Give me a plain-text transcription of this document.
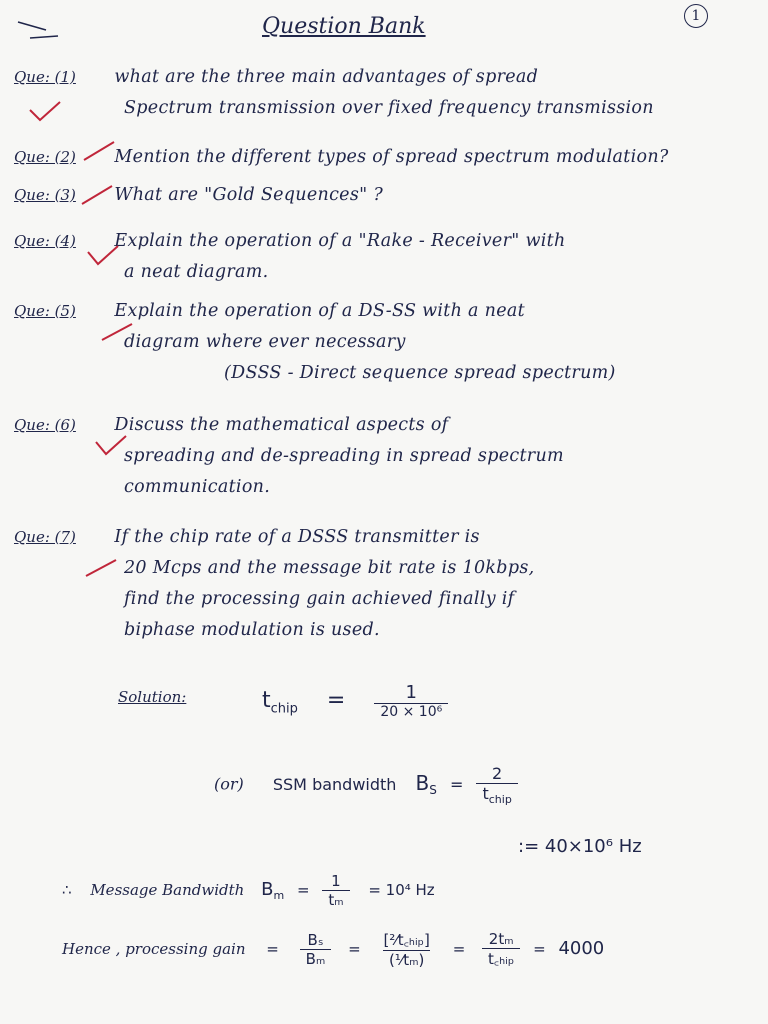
1
Question Bank
Que: (1) what are the three main advantages of spread
Spectrum transmission over fixed frequency transmission
Que: (2) Mention the different types of spread spectrum modulation?
Que: (3) What are "Gold Sequences" ?
Que: (4) Explain the operation of a "Rake - Receiver" with
a neat diagram.
Que: (5) Explain the operation of a DS-SS with a neat
diagram where ever necessary
(DSSS - Direct sequence spread spectrum)
Que: (6) Discuss the mathematical aspects of
spreading and de-spreading in spread spectrum
communication.
Que: (7) If the chip rate of a DSSS transmitter is
20 Mcps and the message bit rate is 10kbps,
find the processing gain achieved finally if
biphase modulation is used.
Solution:	$t_{chip} = \frac{1}{\text{20 × 10⁶}}$
(or) SSM bandwidth $B_S = \frac{2}{t_{chip}}$
:= 40×10⁶ Hz
∴ Message Bandwidth $B_m = \frac{1}{\text{tₘ}} = 10^4$ Hz
Hence , processing gain = $\frac{\text{Bₛ}}{\text{Bₘ}} = \frac{\text{[²⁄t꜀ₕᵢₚ]}}{\text{(¹⁄tₘ)}} = \frac{\text{2tₘ}}{\text{t꜀ₕᵢₚ}} = 4000$
